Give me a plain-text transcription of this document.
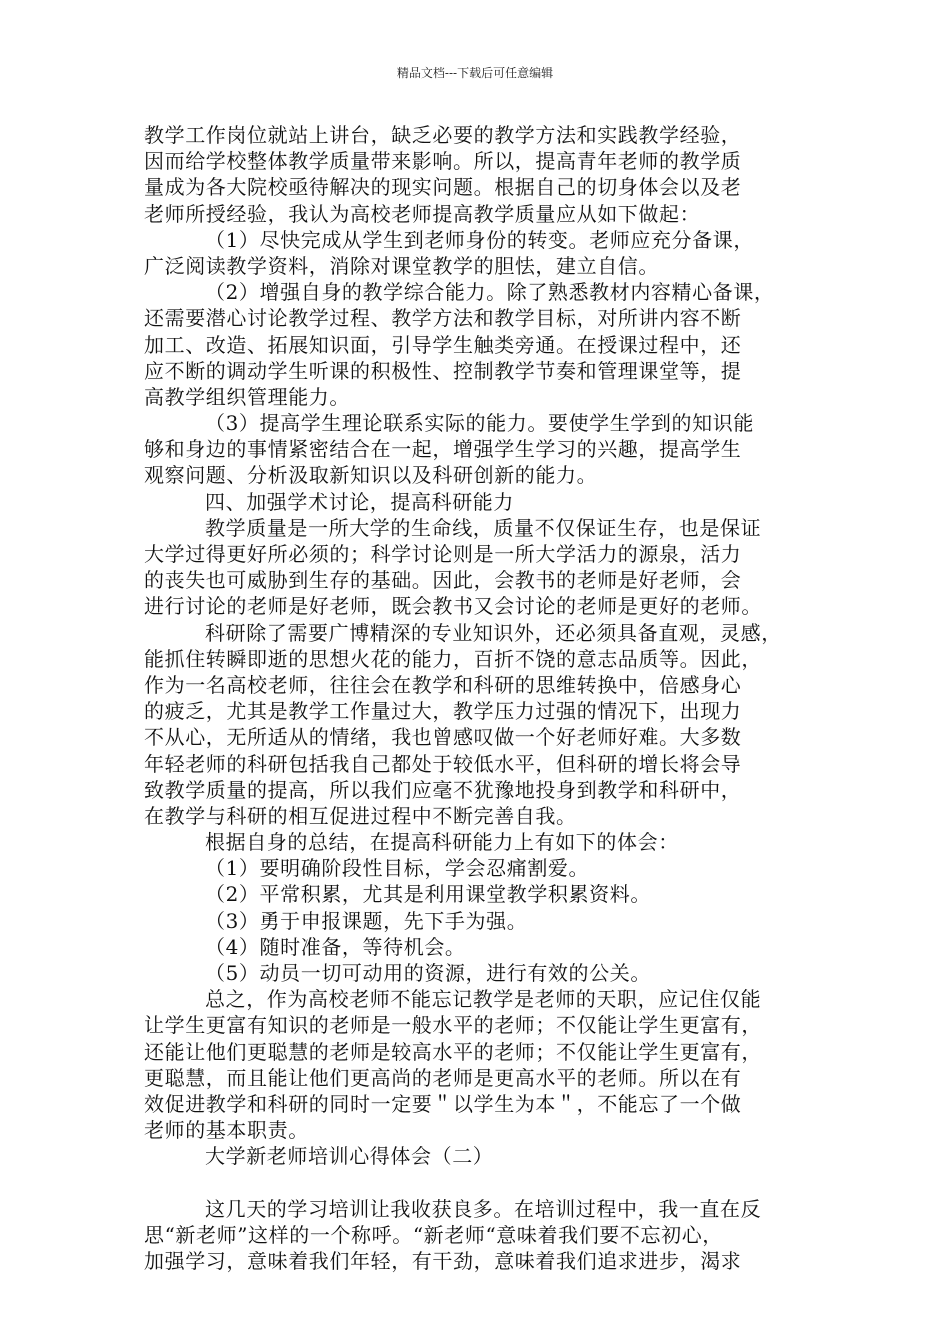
精品文档---下载后可任意编辑
教学工作岗位就站上讲台，缺乏必要的教学方法和实践教学经验，
因而给学校整体教学质量带来影响。所以，提高青年老师的教学质
量成为各大院校亟待解决的现实问题。根据自己的切身体会以及老
老师所授经验，我认为高校老师提高教学质量应从如下做起：
（1）尽快完成从学生到老师身份的转变。老师应充分备课，
广泛阅读教学资料，消除对课堂教学的胆怯，建立自信。
（2）增强自身的教学综合能力。除了熟悉教材内容精心备课，
还需要潜心讨论教学过程、教学方法和教学目标，对所讲内容不断
加工、改造、拓展知识面，引导学生触类旁通。在授课过程中，还
应不断的调动学生听课的积极性、控制教学节奏和管理课堂等，提
高教学组织管理能力。
（3）提高学生理论联系实际的能力。要使学生学到的知识能
够和身边的事情紧密结合在一起，增强学生学习的兴趣，提高学生
观察问题、分析汲取新知识以及科研创新的能力。
四、加强学术讨论，提高科研能力
教学质量是一所大学的生命线，质量不仅保证生存，也是保证
大学过得更好所必须的；科学讨论则是一所大学活力的源泉，活力
的丧失也可威胁到生存的基础。因此，会教书的老师是好老师，会
进行讨论的老师是好老师，既会教书又会讨论的老师是更好的老师。
科研除了需要广博精深的专业知识外，还必须具备直观，灵感，
能抓住转瞬即逝的思想火花的能力，百折不饶的意志品质等。因此，
作为一名高校老师，往往会在教学和科研的思维转换中，倍感身心
的疲乏，尤其是教学工作量过大，教学压力过强的情况下，出现力
不从心，无所适从的情绪，我也曾感叹做一个好老师好难。大多数
年轻老师的科研包括我自己都处于较低水平，但科研的增长将会导
致教学质量的提高，所以我们应毫不犹豫地投身到教学和科研中，
在教学与科研的相互促进过程中不断完善自我。
根据自身的总结，在提高科研能力上有如下的体会：
（1）要明确阶段性目标，学会忍痛割爱。
（2）平常积累，尤其是利用课堂教学积累资料。
（3）勇于申报课题，先下手为强。
（4）随时准备，等待机会。
（5）动员一切可动用的资源，进行有效的公关。
总之，作为高校老师不能忘记教学是老师的天职，应记住仅能
让学生更富有知识的老师是一般水平的老师；不仅能让学生更富有，
还能让他们更聪慧的老师是较高水平的老师；不仅能让学生更富有，
更聪慧，而且能让他们更高尚的老师是更高水平的老师。所以在有
效促进教学和科研的同时一定要＂以学生为本＂，不能忘了一个做
老师的基本职责。
大学新老师培训心得体会（二）
这几天的学习培训让我收获良多。在培训过程中，我一直在反
思“新老师”这样的一个称呼。“新老师“意味着我们要不忘初心，
加强学习，意味着我们年轻，有干劲，意味着我们追求进步，渴求
